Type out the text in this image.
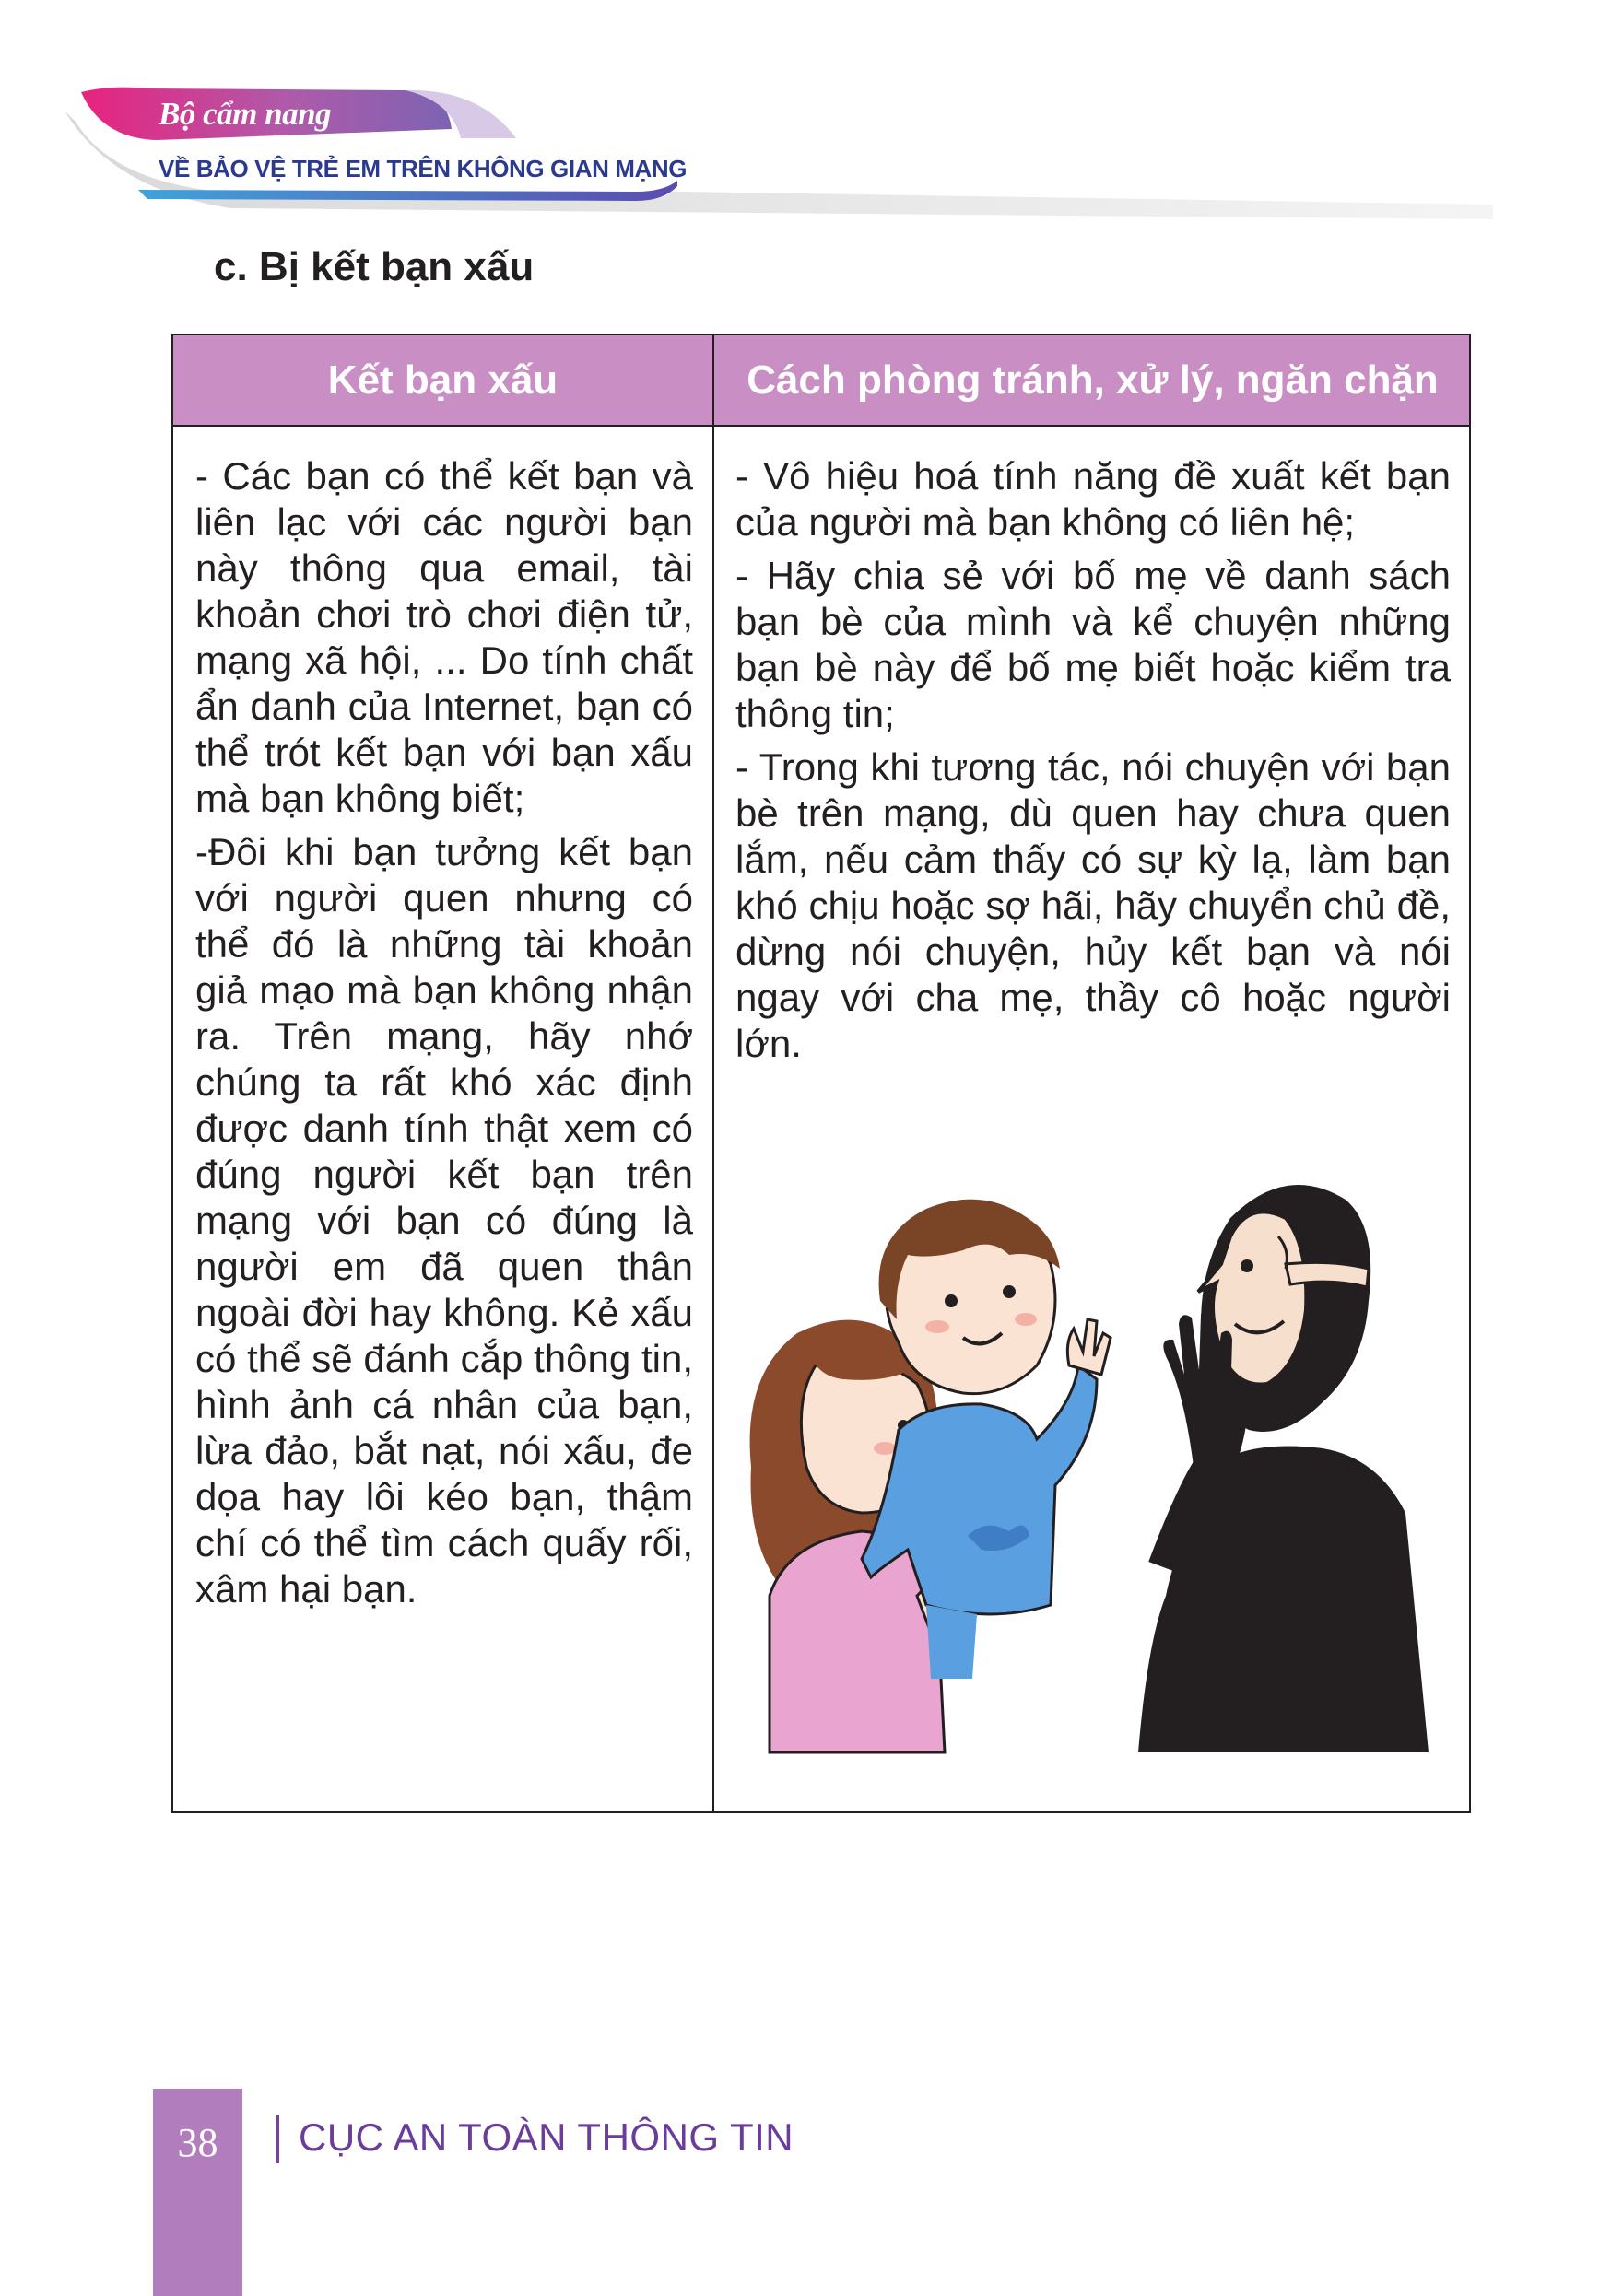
Bộ cẩm nang
VỀ BẢO VỆ TRẺ EM TRÊN KHÔNG GIAN MẠNG
c. Bị kết bạn xấu
Kết bạn xấu	Cách phòng tránh, xử lý, ngăn chặn

- Các bạn có thể kết bạn và liên lạc với các người bạn này thông qua email, tài khoản chơi trò chơi điện tử, mạng xã hội, ... Do tính chất ẩn danh của Internet, bạn có thể trót kết bạn với bạn xấu mà bạn không biết;

-Đôi khi bạn tưởng kết bạn với người quen nhưng có thể đó là những tài khoản giả mạo mà bạn không nhận ra. Trên mạng, hãy nhớ chúng ta rất khó xác định được danh tính thật xem có đúng người kết bạn trên mạng với bạn có đúng là người em đã quen thân ngoài đời hay không. Kẻ xấu có thể sẽ đánh cắp thông tin, hình ảnh cá nhân của bạn, lừa đảo, bắt nạt, nói xấu, đe dọa hay lôi kéo bạn, thậm chí có thể tìm cách quấy rối, xâm hại bạn.

- Vô hiệu hoá tính năng đề xuất kết bạn của người mà bạn không có liên hệ;

- Hãy chia sẻ với bố mẹ về danh sách bạn bè của mình và kể chuyện những bạn bè này để bố mẹ biết hoặc kiểm tra thông tin;

- Trong khi tương tác, nói chuyện với bạn bè trên mạng, dù quen hay chưa quen lắm, nếu cảm thấy có sự kỳ lạ, làm bạn khó chịu hoặc sợ hãi, hãy chuyển chủ đề, dừng nói chuyện, hủy kết bạn và nói ngay với cha mẹ, thầy cô hoặc người lớn.

38	CỤC AN TOÀN THÔNG TIN
